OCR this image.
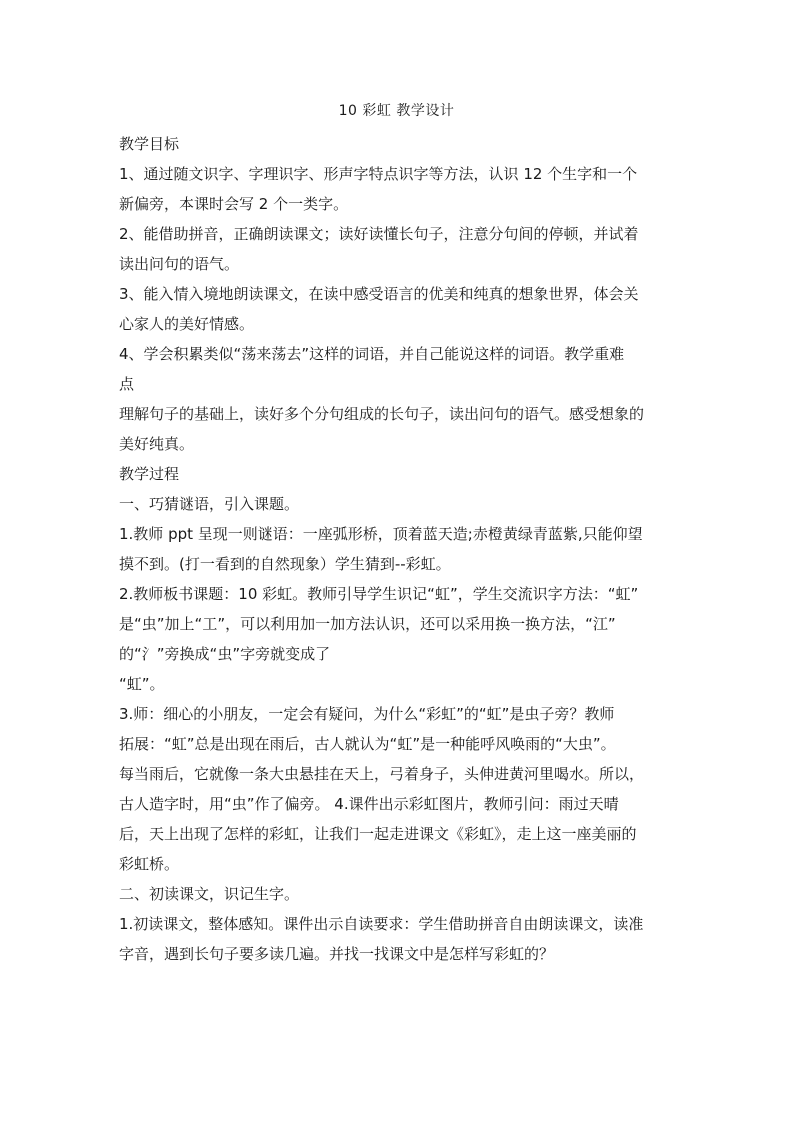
10 彩虹 教学设计
教学目标
1、通过随文识字、字理识字、形声字特点识字等方法，认识 12 个生字和一个
新偏旁，本课时会写 2 个一类字。
2、能借助拼音，正确朗读课文；读好读懂长句子，注意分句间的停顿，并试着
读出问句的语气。
3、能入情入境地朗读课文，在读中感受语言的优美和纯真的想象世界，体会关
心家人的美好情感。
4、学会积累类似“荡来荡去”这样的词语，并自己能说这样的词语。教学重难
点
理解句子的基础上，读好多个分句组成的长句子，读出问句的语气。感受想象的
美好纯真。
教学过程
一、巧猜谜语，引入课题。
1.教师 ppt 呈现一则谜语：一座弧形桥，顶着蓝天造;赤橙黄绿青蓝紫,只能仰望
摸不到。(打一看到的自然现象）学生猜到--彩虹。
2.教师板书课题：10 彩虹。教师引导学生识记“虹”，学生交流识字方法：“虹”
是“虫”加上“工”，可以利用加一加方法认识，还可以采用换一换方法，“江”
的“氵”旁换成“虫”字旁就变成了
“虹”。
3.师：细心的小朋友，一定会有疑问，为什么“彩虹”的“虹”是虫子旁？教师
拓展：“虹”总是出现在雨后，古人就认为“虹”是一种能呼风唤雨的“大虫”。
每当雨后，它就像一条大虫悬挂在天上，弓着身子，头伸进黄河里喝水。所以，
古人造字时，用“虫”作了偏旁。 4.课件出示彩虹图片，教师引问：雨过天晴
后，天上出现了怎样的彩虹，让我们一起走进课文《彩虹》，走上这一座美丽的
彩虹桥。
二、初读课文，识记生字。
1.初读课文，整体感知。课件出示自读要求：学生借助拼音自由朗读课文，读准
字音，遇到长句子要多读几遍。并找一找课文中是怎样写彩虹的？
